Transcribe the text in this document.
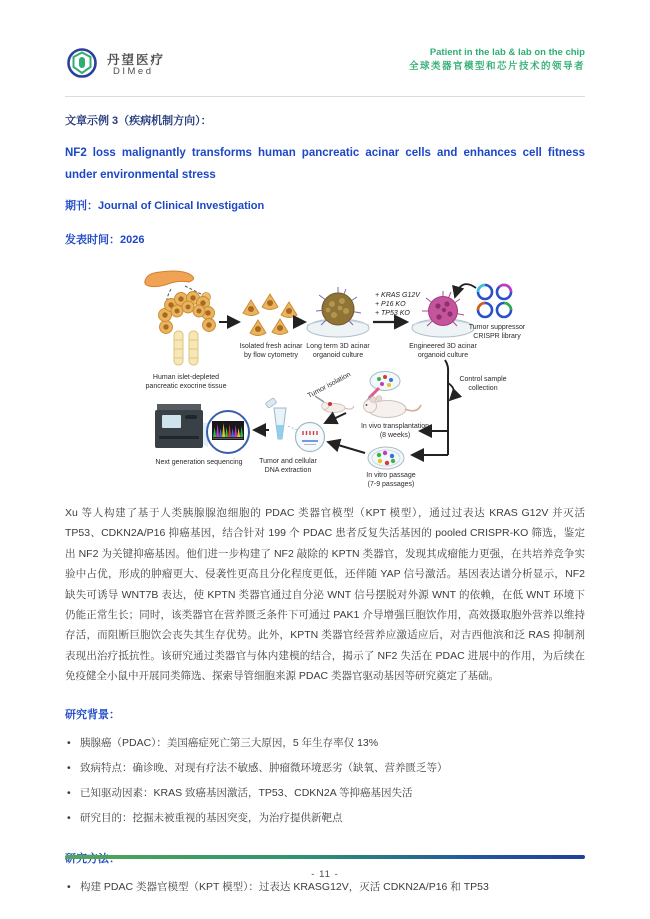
丹望医疗
DIMed
Patient in the lab & lab on the chip
全球类器官模型和芯片技术的领导者
文章示例 3（疾病机制方向）：
NF2 loss malignantly transforms human pancreatic acinar cells and enhances cell fitness under environmental stress
期刊：Journal of Clinical Investigation
发表时间：2026
Human islet-depleted
pancreatic exocrine tissue
Isolated fresh acinar
by flow cytometry
Long term 3D acinar
organoid culture
+ KRAS G12V
+ P16 KO
+ TP53 KO
Engineered 3D acinar
organoid culture
Tumor suppressor
CRISPR library
Control sample
collection
Tumor isolation
In vivo transplantation
(8 weeks)
In vitro passage
(7-9 passages)
Tumor and cellular
DNA extraction
Next generation sequencing
Xu 等人构建了基于人类胰腺腺泡细胞的 PDAC 类器官模型（KPT 模型），通过过表达 KRAS G12V 并灭活 TP53、CDKN2A/P16 抑癌基因，结合针对 199 个 PDAC 患者反复失活基因的 pooled CRISPR-KO 筛选，鉴定出 NF2 为关键抑癌基因。他们进一步构建了 NF2 敲除的 KPTN 类器官，发现其成瘤能力更强，在共培养竞争实验中占优，形成的肿瘤更大、侵袭性更高且分化程度更低，还伴随 YAP 信号激活。基因表达谱分析显示，NF2 缺失可诱导 WNT7B 表达，使 KPTN 类器官通过自分泌 WNT 信号摆脱对外源 WNT 的依赖，在低 WNT 环境下仍能正常生长；同时，该类器官在营养匮乏条件下可通过 PAK1 介导增强巨胞饮作用，高效摄取胞外营养以维持存活，而阻断巨胞饮会丧失其生存优势。此外，KPTN 类器官经营养应激适应后，对吉西他滨和泛 RAS 抑制剂表现出治疗抵抗性。该研究通过类器官与体内建模的结合，揭示了 NF2 失活在 PDAC 进展中的作用，为后续在免疫健全小鼠中开展同类筛选、探索导管细胞来源 PDAC 类器官驱动基因等研究奠定了基础。
研究背景：
• 胰腺癌（PDAC）：美国癌症死亡第三大原因，5 年生存率仅 13%
• 致病特点：确诊晚、对现有疗法不敏感、肿瘤微环境恶劣（缺氧、营养匮乏等）
• 已知驱动因素：KRAS 致癌基因激活，TP53、CDKN2A 等抑癌基因失活
• 研究目的：挖掘未被重视的基因突变，为治疗提供新靶点
• 构建 PDAC 类器官模型（KPT 模型）：过表达 KRASG12V，灭活 CDKN2A/P16 和 TP53
- 11 -
